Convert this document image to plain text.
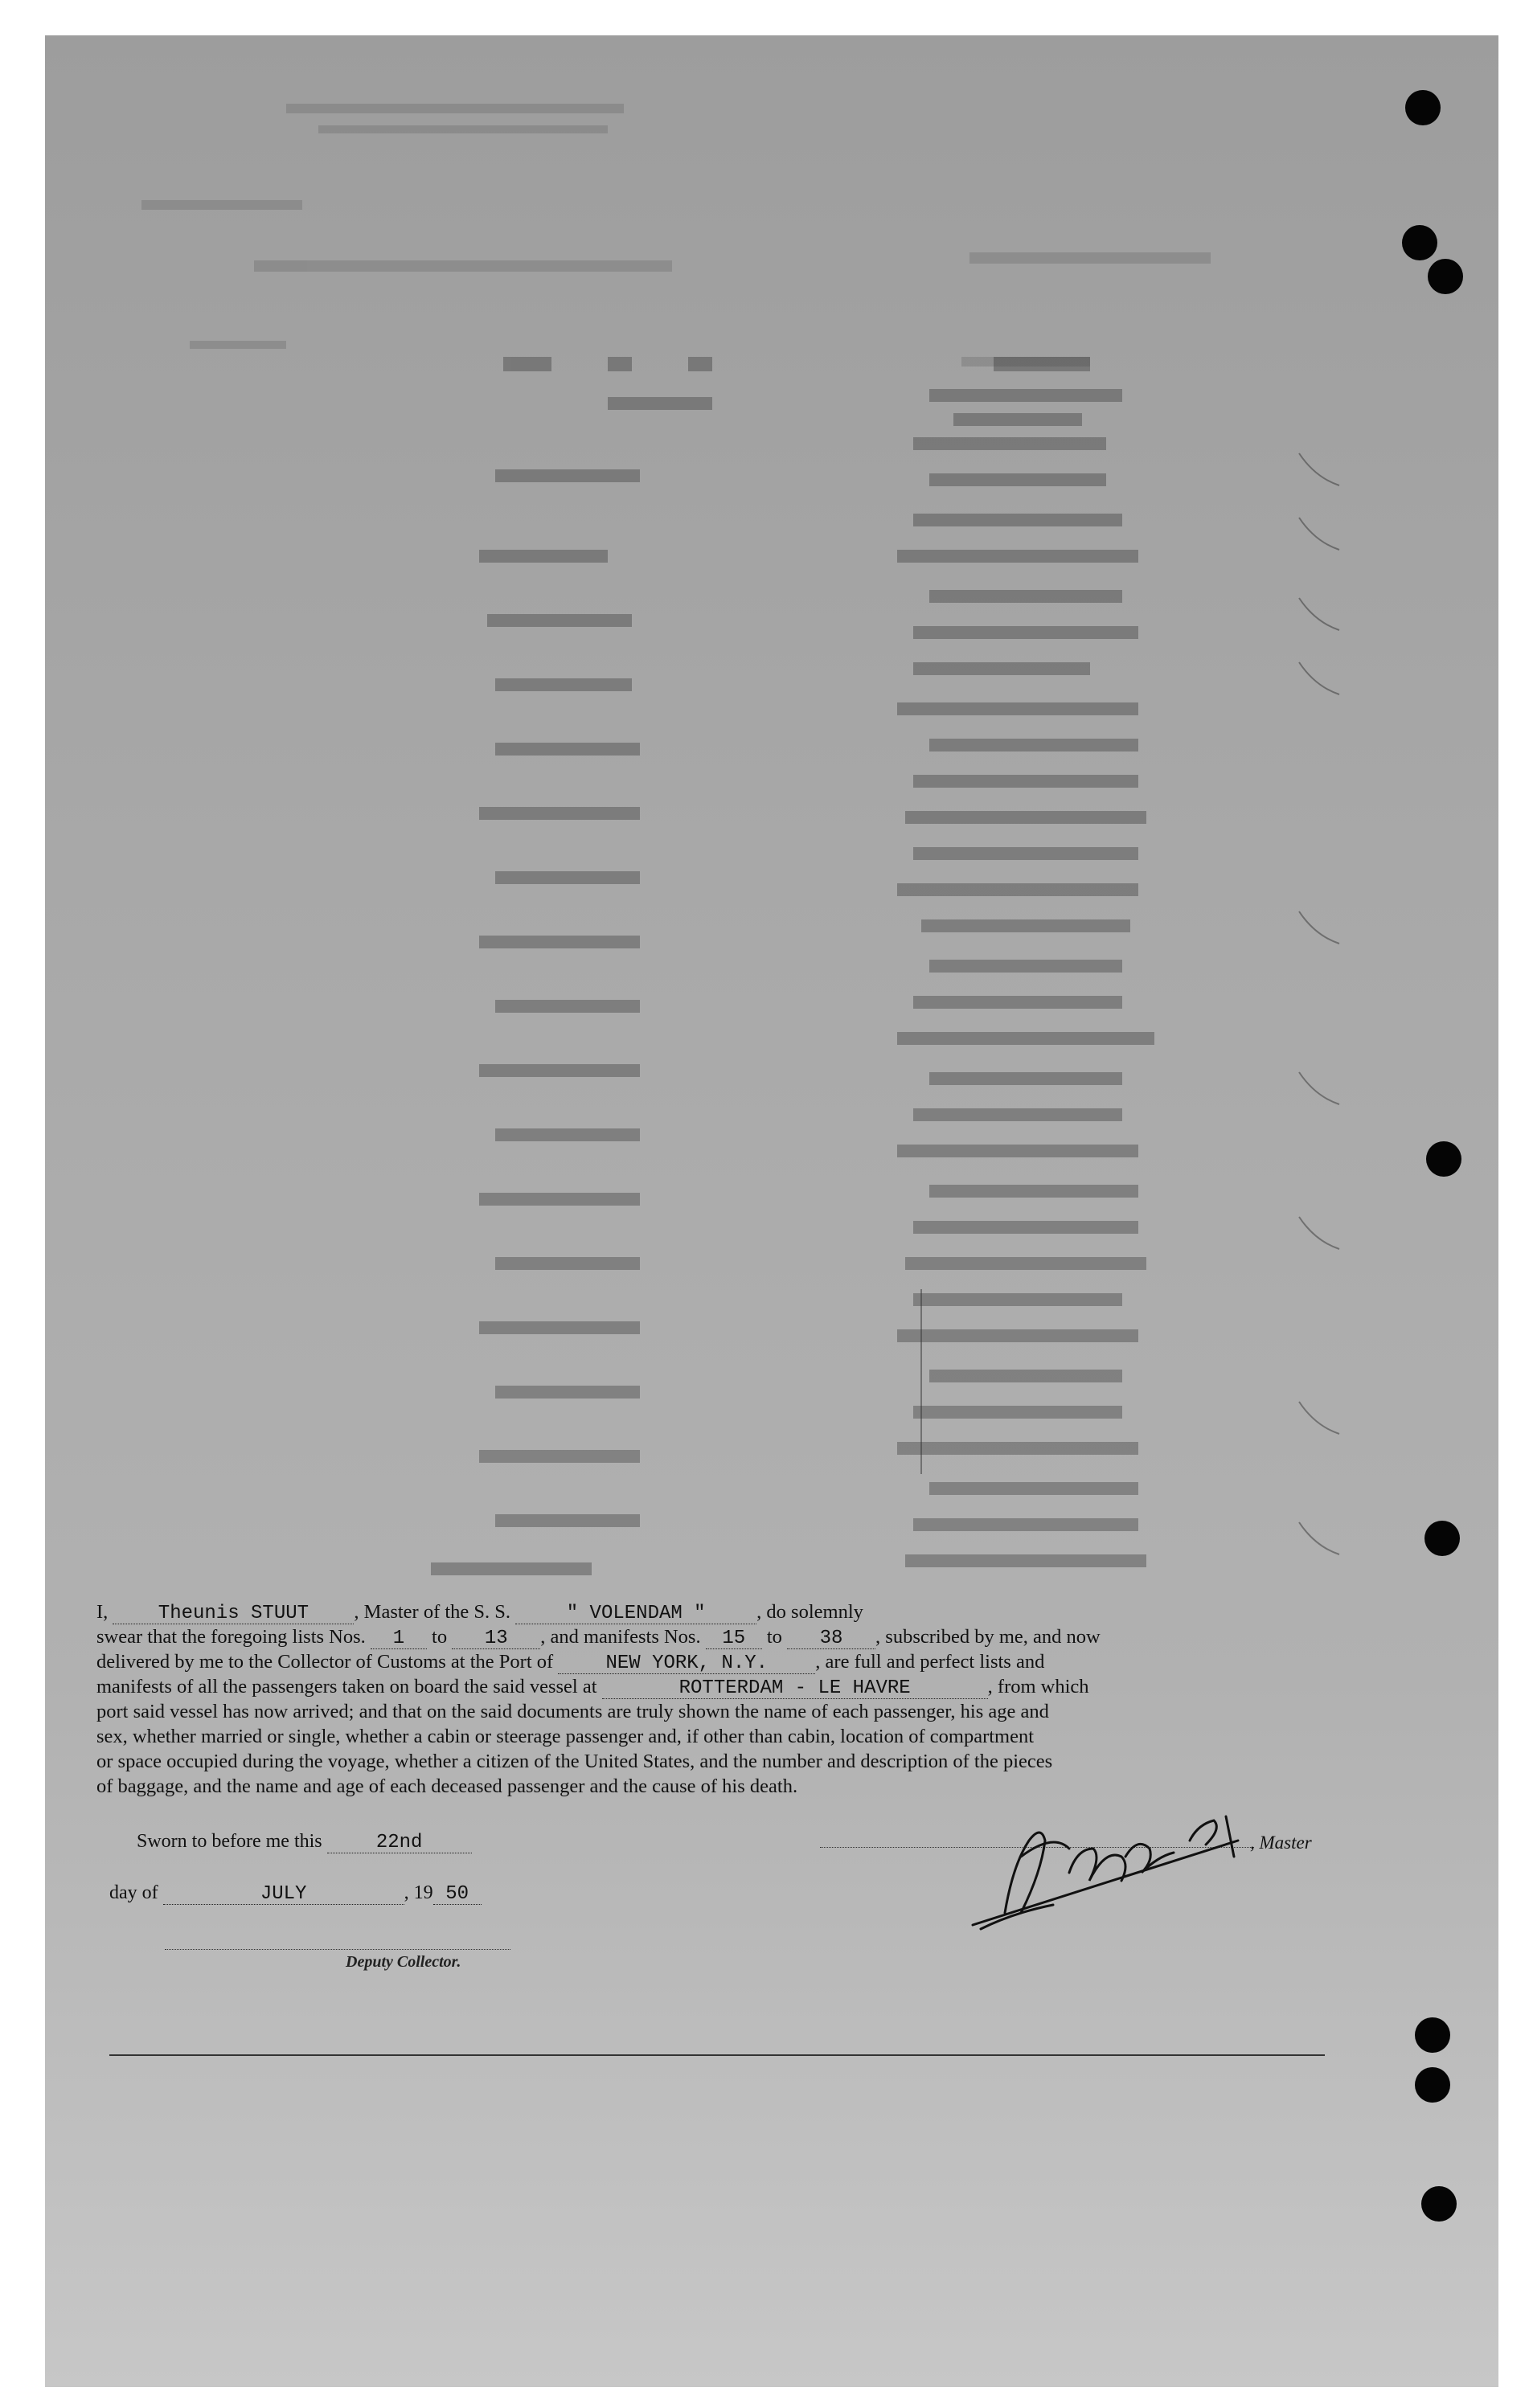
I,	Theunis STUUT , Master of the S. S.	" VOLENDAM "	, do solemnly
swear that the foregoing lists Nos. 1 to 13 , and manifests Nos. 15 to 38 , subscribed by me, and now
delivered by me to the Collector of Customs at the Port of	NEW YORK, N.Y. , are full and perfect lists and
manifests of all the passengers taken on board the said vessel at	ROTTERDAM - LE HAVRE	, from which
port said vessel has now arrived; and that on the said documents are truly shown the name of each passenger, his age and
sex, whether married or single, whether a cabin or steerage passenger and, if other than cabin, location of compartment
or space occupied during the voyage, whether a citizen of the United States, and the number and description of the pieces
of baggage, and the name and age of each deceased passenger and the cause of his death.
Sworn to before me this	22nd	, Master
day of	JULY	, 19 50
Deputy Collector.
